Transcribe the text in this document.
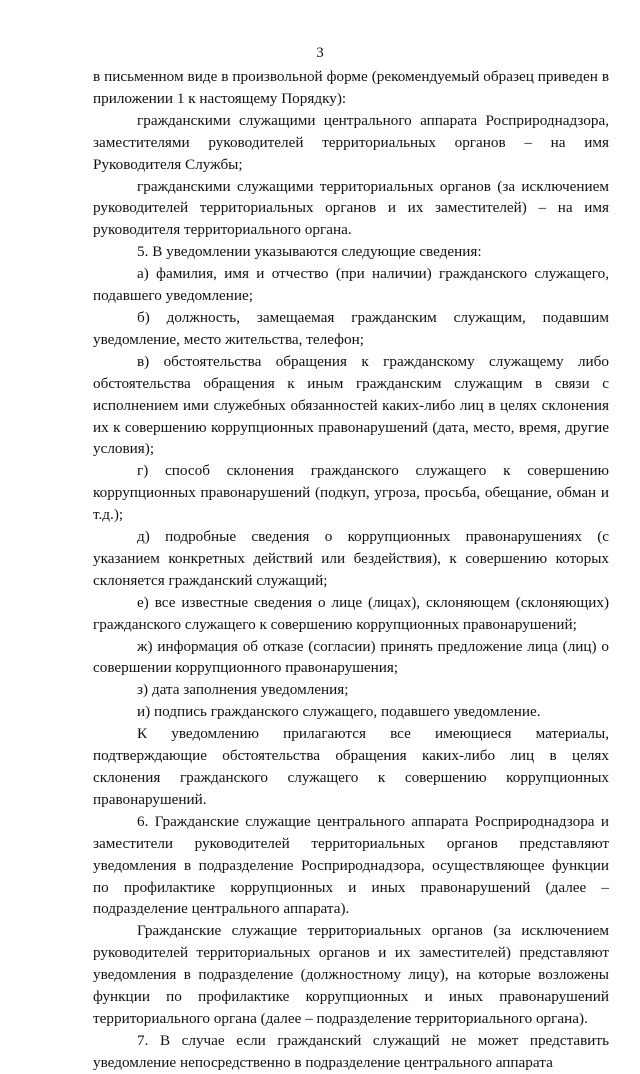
3

в письменном виде в произвольной форме (рекомендуемый образец приведен в приложении 1 к настоящему Порядку):

гражданскими служащими центрального аппарата Росприроднадзора, заместителями руководителей территориальных органов – на имя Руководителя Службы;

гражданскими служащими территориальных органов (за исключением руководителей территориальных органов и их заместителей) – на имя руководителя территориального органа.

5. В уведомлении указываются следующие сведения:

а) фамилия, имя и отчество (при наличии) гражданского служащего, подавшего уведомление;

б) должность, замещаемая гражданским служащим, подавшим уведомление, место жительства, телефон;

в) обстоятельства обращения к гражданскому служащему либо обстоятельства обращения к иным гражданским служащим в связи с исполнением ими служебных обязанностей каких-либо лиц в целях склонения их к совершению коррупционных правонарушений (дата, место, время, другие условия);

г) способ склонения гражданского служащего к совершению коррупционных правонарушений (подкуп, угроза, просьба, обещание, обман и т.д.);

д) подробные сведения о коррупционных правонарушениях (с указанием конкретных действий или бездействия), к совершению которых склоняется гражданский служащий;

е) все известные сведения о лице (лицах), склоняющем (склоняющих) гражданского служащего к совершению коррупционных правонарушений;

ж) информация об отказе (согласии) принять предложение лица (лиц) о совершении коррупционного правонарушения;

з) дата заполнения уведомления;

и) подпись гражданского служащего, подавшего уведомление.

К уведомлению прилагаются все имеющиеся материалы, подтверждающие обстоятельства обращения каких-либо лиц в целях склонения гражданского служащего к совершению коррупционных правонарушений.

6. Гражданские служащие центрального аппарата Росприроднадзора и заместители руководителей территориальных органов представляют уведомления в подразделение Росприроднадзора, осуществляющее функции по профилактике коррупционных и иных правонарушений (далее – подразделение центрального аппарата).

Гражданские служащие территориальных органов (за исключением руководителей территориальных органов и их заместителей) представляют уведомления в подразделение (должностному лицу), на которые возложены функции по профилактике коррупционных и иных правонарушений территориального органа (далее – подразделение территориального органа).

7. В случае если гражданский служащий не может представить уведомление непосредственно в подразделение центрального аппарата
